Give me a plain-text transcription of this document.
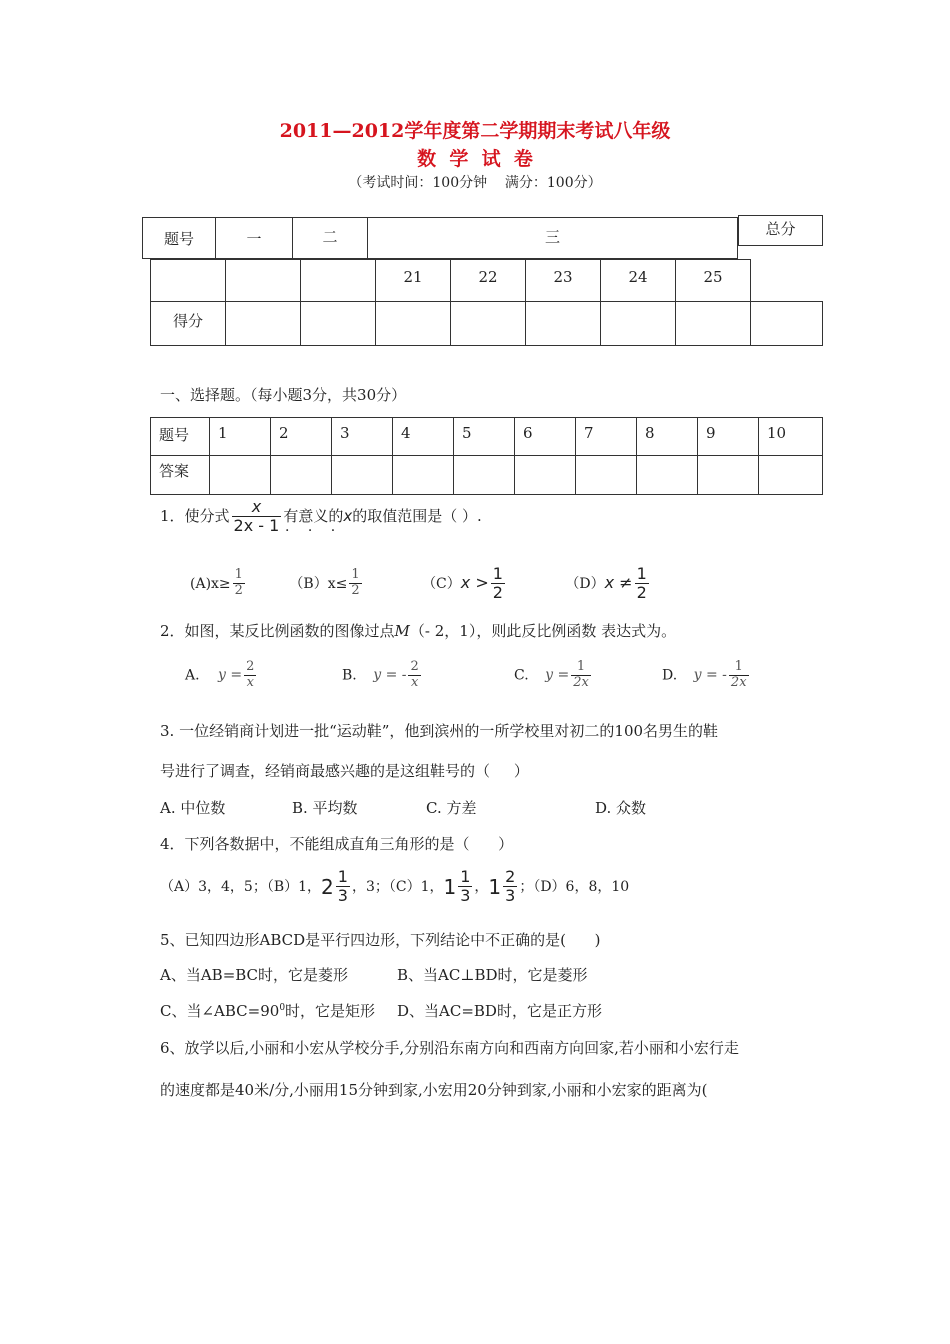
2011—2012学年度第二学期期末考试八年级
数  学  试  卷
（考试时间：100分钟    满分：100分）
题号	一	二	三	总分
			21	22	23	24	25	
得分								
一、选择题。（每小题3分，共30分）
题号	1	2	3	4	5	6	7	8	9	10
答案										
1．使分式 $\frac{x}{2x - 1}$ 有意义的x的取值范围是（ ）.
· · ·
$(A)x\ge \frac{1}{2}$	$(B)x\le \frac{1}{2}$	$(C)x > \frac{1}{2}$	$(D)x \ne \frac{1}{2}$
2．如图，某反比例函数的图像过点M（- 2，1），则此反比例函数 表达式为。
A. $y = \frac{2}{x}$	B. y = - $\frac{2}{x}$	C. $y = \frac{1}{2x}$	D. y = - $\frac{1}{2x}$
3. 一位经销商计划进一批“运动鞋”，他到滨州的一所学校里对初二的100名男生的鞋
号进行了调查，经销商最感兴趣的是这组鞋号的（     ）
A. 中位数	B. 平均数	C. 方差	D. 众数
4．下列各数据中，不能组成直角三角形的是（      ）
（A）3，4，5；（B）1，$2 \frac{1}{3}$ ，3；（C）1，$1 \frac{1}{3}$ ，$1 \frac{2}{3}$ ；（D）6，8，10
5、已知四边形ABCD是平行四边形，下列结论中不正确的是(      )
A、当AB=BC时，它是菱形	B、当AC⊥BD时，它是菱形
C、当$\angle ABC=90^0$时，它是矩形 D、当AC=BD时，它是正方形
6、放学以后,小丽和小宏从学校分手,分别沿东南方向和西南方向回家,若小丽和小宏行走
的速度都是40米/分,小丽用15分钟到家,小宏用20分钟到家,小丽和小宏家的距离为(
